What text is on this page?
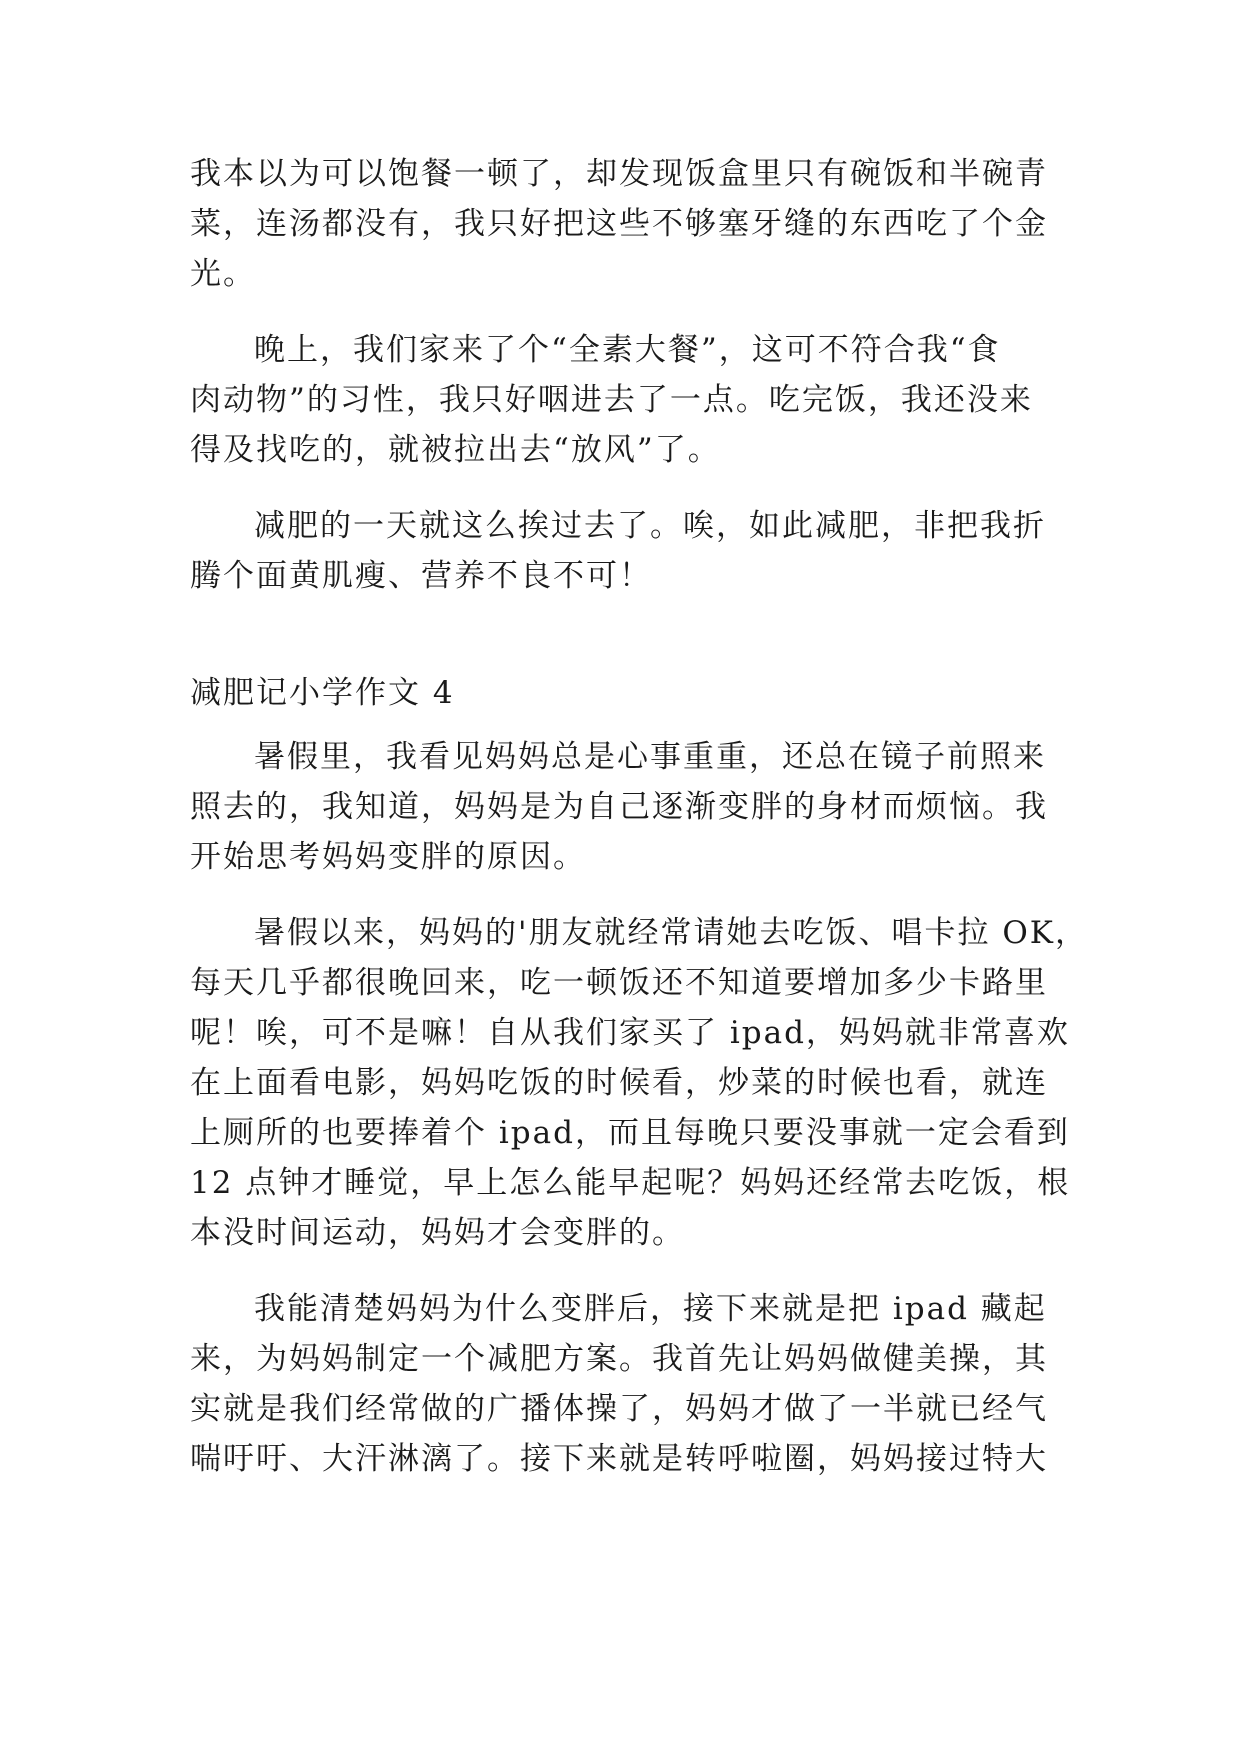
我本以为可以饱餐一顿了，却发现饭盒里只有碗饭和半碗青
菜，连汤都没有，我只好把这些不够塞牙缝的东西吃了个金
光。
晚上，我们家来了个“全素大餐”，这可不符合我“食
肉动物”的习性，我只好咽进去了一点。吃完饭，我还没来
得及找吃的，就被拉出去“放风”了。
减肥的一天就这么挨过去了。唉，如此减肥，非把我折
腾个面黄肌瘦、营养不良不可！
减肥记小学作文 4
暑假里，我看见妈妈总是心事重重，还总在镜子前照来
照去的，我知道，妈妈是为自己逐渐变胖的身材而烦恼。我
开始思考妈妈变胖的原因。
暑假以来，妈妈的'朋友就经常请她去吃饭、唱卡拉 OK，
每天几乎都很晚回来，吃一顿饭还不知道要增加多少卡路里
呢！唉，可不是嘛！自从我们家买了 ipad，妈妈就非常喜欢
在上面看电影，妈妈吃饭的时候看，炒菜的时候也看，就连
上厕所的也要捧着个 ipad，而且每晚只要没事就一定会看到
12 点钟才睡觉，早上怎么能早起呢？妈妈还经常去吃饭，根
本没时间运动，妈妈才会变胖的。
我能清楚妈妈为什么变胖后，接下来就是把 ipad 藏起
来，为妈妈制定一个减肥方案。我首先让妈妈做健美操，其
实就是我们经常做的广播体操了，妈妈才做了一半就已经气
喘吁吁、大汗淋漓了。接下来就是转呼啦圈，妈妈接过特大
